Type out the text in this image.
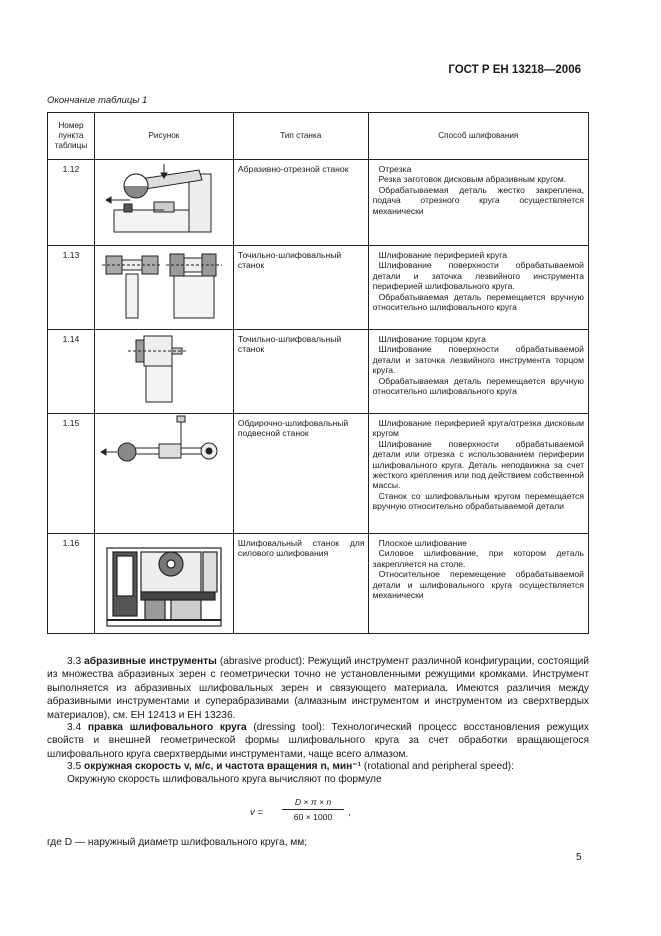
ГОСТ Р ЕН 13218—2006
Окончание таблицы 1
Номер пункта таблицы	Рисунок	Тип станка	Способ шлифования
1.12		Абразивно-отрезной станок	Отрезка

Резка заготовок дисковым абразивным кругом.

Обрабатываемая деталь жестко закреплена, подача отрезного круга осуществляется механически

1.13		Точильно-шлифовальный станок	Шлифование периферией круга

Шлифование поверхности обрабатываемой детали и заточка лезвийного инструмента периферией шлифовального круга.

Обрабатываемая деталь перемещается вручную относительно шлифовального круга

1.14		Точильно-шлифовальный станок	Шлифование торцом круга

Шлифование поверхности обрабатываемой детали и заточка лезвийного инструмента торцом круга.

Обрабатываемая деталь перемещается вручную относительно шлифовального круга

1.15		Обдирочно-шлифовальный подвесной станок	Шлифование периферией круга/отрезка дисковым кругом

Шлифование поверхности обрабатываемой детали или отрезка с использованием периферии шлифовального круга. Деталь неподвижна за счет жесткого крепления или под действием собственной массы.

Станок со шлифовальным кругом перемещается вручную относительно обрабатываемой детали

1.16		Шлифовальный станок для силового шлифования	Плоское шлифование

Силовое шлифование, при котором деталь закрепляется на столе.

Относительное перемещение обрабатываемой детали и шлифовального круга осуществляется механически

3.3 абразивные инструменты (abrasive product): Режущий инструмент различной конфигурации, состоящий из множества абразивных зерен с геометрически точно не установленными режущими кромками. Инструмент выполняется из абразивных шлифовальных зерен и связующего материала. Имеются различия между абразивными инструментами и суперабразивами (алмазным инструментом и инструментом из сверхтвердых материалов), см. ЕН 12413 и ЕН 13236.

3.4 правка шлифовального круга (dressing tool): Технологический процесс восстановления режущих свойств и внешней геометрической формы шлифовального круга за счет обработки вращающегося шлифовального круга сверхтвердыми инструментами, чаще всего алмазом.

3.5 окружная скорость v, м/с, и частота вращения n, мин⁻¹ (rotational and peripheral speed):

Окружную скорость шлифовального круга вычисляют по формуле

v =
D × π × n
60 × 1000	,
где D — наружный диаметр шлифовального круга, мм;
5
